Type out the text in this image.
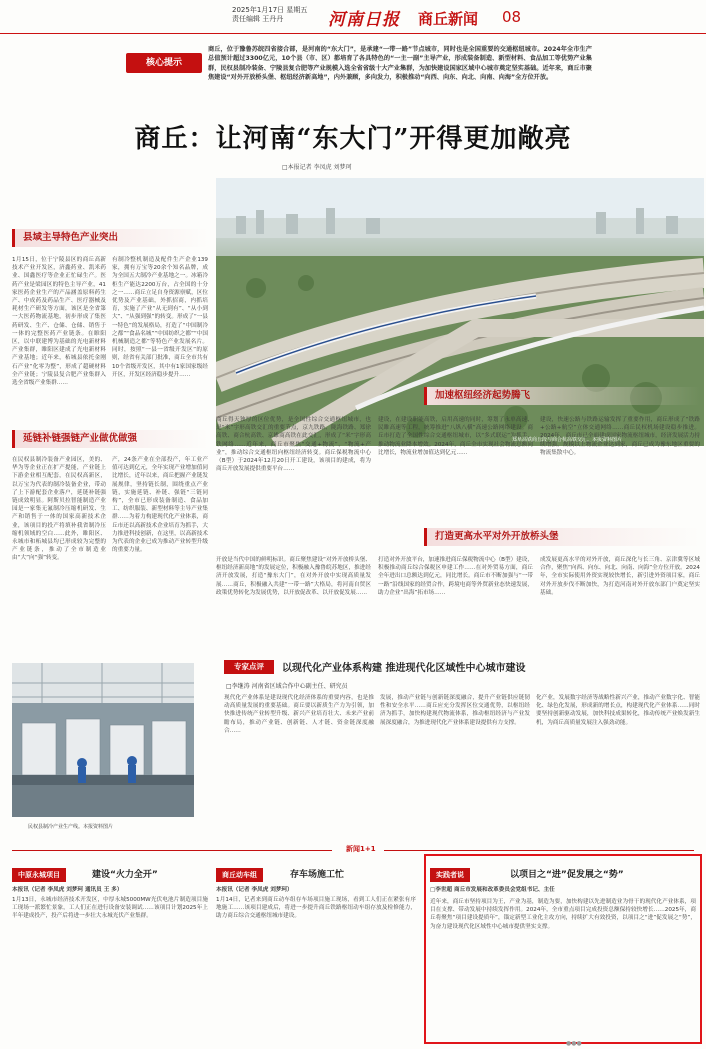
2025年1月17日 星期五
责任编辑 王丹丹	河南日报 商丘新闻 08
核心提示
商丘，位于豫鲁苏皖四省接合部，是河南的“东大门”，是承建“一带一路”节点城市，同时也是全国重要的交通枢纽城市。2024年全市生产总值预计超过3300亿元，10个县（市、区）都培育了各具特色的“一主一副”主导产业，形成装备制造、新型材料、食品加工等优势产业集群，民权县制冷装备、宁陵县复合肥等产业规模入选全省省级十大产业集群，为加快建设国家区域中心城市奠定坚实基础。近年来，商丘市聚焦建设“对外开放桥头堡、枢纽经济新高地”，内外兼顾，多向发力，积极推动“向西、向东、向北、向南、向海”全方位开放。
商丘：让河南“东大门”开得更加敞亮
□本报记者 李凤虎 刘梦珂
郑阜高铁商丘段与商合杭高铁交汇。本报资料图片
县域主导特色产业突出
1月15日，位于宁陵县区的商丘高新技术产业开发区，济鑫药业、凯米药业、国鑫医疗等企业正忙碌生产。医药产业是梁园区的特色主导产业，41家医药企业生产的产品涵盖原料药生产、中成药及药品生产、医疗器械及耗材生产研发等方面，该区是全省第一大医药物流基地，初步形成了集医药研发、生产、仓储、仓储、销售于一体的完整医药产业链条。在睢阳区，以中联建博为基础的光电新材料产业集群，睢阳区建成了光电新材料产业基地；近年来，柘城县依托金刚石产业“化零为整”，形成了超硬材料全产业链；宁陵县复合肥产业集群入选全省级产业集群……
有制冷整机制造及配件生产企业139家，拥有万宝等20余个知名品牌，成为全国五大制冷产业基地之一。冰箱冷柜生产能达2200万台，占全国的十分之一……商丘立足自身资源禀赋，区位优势及产业基础，外抓招商，内抓培育，实施了产业“从无到有”、“从小到大”、“从强到强”的转变。形成了“一县一特色”的发展格局，打造了“中国制冷之都”“食品名城”“中国纺织之都”“中国机械制造之都”等特色产业发展名片。同时，按照“一县一省级开发区”的原则，经省有关部门批准，商丘全市共有10个省级开发区，其中有1家国家级经开区，开发区经济稳步提升……
延链补链强链产业做优做强
在民权县制冷装备产业园区，美的、华为等企业正在扩产提能，产业链上下游企业相互配套，在民权高新区，以万宝为代表的制冷装备企业，带动了上下游配套企业落户，延链补链强链成效明显。阿斯贝拉智能制造产业园是一家集无氟制冷压缩机研发、生产和销售于一体的国家高新技术企业，该项目的投产将填补我省制冷压缩机领域的空白……此外，睢阳区、永城市和柘城县均已形成较为完整的产业链条，推动了全市制造业由“大”向“强”转变。
产，24条产业在全部投产，年工业产值可达到亿元，全年实现产业增加值同比增长，近年以来，商丘把握产业链发展规律，坚持链长制，围绕重点产业链，实施延链、补链、强链“三链同构”，全市已形成装备制造、食品加工、纺织服装、新型材料等主导产业集群……为着力构建现代化产业体系，商丘市还以高新技术企业培育为抓手，大力推进科技创新，在这里，以高新技术为代表的企业已成为推动产业转型升级的重要力量。
加速枢纽经济起势腾飞
商丘得天独厚的区位优势，是全国性综合交通枢纽城市，也是“米”字形高铁交汇的重要节点，京九铁路、陇海铁路、郑徐高铁、商合杭高铁、京雄商高铁在此交汇，形成了“米”字形高铁网络……近年来，商丘市聚焦“交通+物流”，“物流+产业”，推动综合交通枢纽向枢纽经济转变。商丘保税物流中心（B型）于2024年12月20日开工建设，该项目的建成，将为商丘开放发展提供重要平台……
建设，在建设职能高铁，启用高速的同时，筹划了永单高速、民睢高速等工程，统筹推进“八纵八横”高速公路网络建设。商丘市打造了全国性综合交通枢纽城市，以“多式联运”为抓手，推动物流业降本增效。2024年，商丘全市实现社会物流总额同比增长，物流业增加值达到亿元……
建设，快速公路与铁路运输发挥了重要作用，商丘形成了“铁路+公路+航空”立体交通网络……商丘民权机场建设稳步推进。2024年，商丘市已全面建成国家物流枢纽城市，经济发展活力持续增强，规模以上物流企业达到家，商丘已成为豫东地区重要的物流集散中心。
打造更高水平对外开放桥头堡
开放是当代中国的鲜明标识。商丘聚焦建设“对外开放桥头堡、枢纽经济新高地”的发展定位，积极融入豫鲁皖苏地区，推进经济开放发展，打造“豫东大门”，在对外开放中实现高质量发展……商丘，积极融入共建“一带一路”大格局，将河南自贸区政策优势转化为发展优势，以开放促改革、以开放促发展……
打造对外开放平台，加速推进商丘保税物流中心（B型）建设，积极推动商丘综合保税区申建工作……在对外贸易方面，商丘全年进出口总额达到亿元，同比增长。商丘市不断加强与“一带一路”沿线国家的经贸合作，跨境电商等外贸新业态快速发展，助力企业“出海”拓市场……
成发展更高水平的对外开放，商丘深化与长三角、京津冀等区域合作，聚焦“向西、向东、向北、向南、向海”全方位开放。2024年，全市实际使用外资实现较快增长，新引进外资项目家，商丘对外开放步伐不断加快，为打造河南对外开放东部门户奠定坚实基础。
民权县制冷产业生产线。本报资料图片
专家点评	以现代化产业体系构建 推进现代化区域性中心城市建设
□李继涛 河南省区域合作中心副主任、研究员
现代化产业体系是建设现代化经济体系的重要内容，也是推动高质量发展的重要基础。商丘要以新质生产力为引领，加快推进传统产业转型升级、新兴产业培育壮大、未来产业前瞻布局，推动产业链、创新链、人才链、资金链深度融合……
发展，推动产业链与创新链深度融合，提升产业链供应链韧性和安全水平……商丘应充分发挥区位交通优势，以枢纽经济为抓手，加快构建现代物流体系，推动枢纽经济与产业发展深度融合，为推进现代化产业体系建设提供有力支撑。
化产业，发展数字经济等战略性新兴产业，推动产业数字化、智能化、绿色化发展，形成新的增长点，构建现代化产业体系……同时要坚持创新驱动发展，加快科技成果转化，推动传统产业焕发新生机，为商丘高质量发展注入强劲动能。
新闻1+1
中原永城项目	建设“火力全开”
本报讯（记者 李凤虎 刘梦珂 通讯员 王 多）
1月13日，永城市经济技术开发区，中厚永城5000MW光伏电池片制造项目施工现场一派繁忙景象，工人们正在进行设备安装调试……该项目计划2025年上半年建成投产，投产后将进一步壮大永城光伏产业集群。
商丘动车组	存车场施工忙
本报讯（记者 李凤虎 刘梦珂）
1月14日，记者来到商丘动车组存车场项目施工现场，看到工人们正在紧张有序地施工……该项目建成后，将进一步提升商丘铁路枢纽动车组存放及检修能力，助力商丘综合交通枢纽城市建设。
实践者说	以项目之“进”促发展之“势”
□李世超 商丘市发展和改革委员会党组书记、主任
近年来，商丘市坚持项目为王，产业为基，制造为要，加快构建以先进制造业为骨干的现代化产业体系，项目在支撑、带动发展中持续发挥作用。2024年，全市重点项目完成投资总额保持较快增长……2025年，商丘将聚焦“项目建设提质年”，锚定新型工业化主攻方向，持续扩大有效投资，以项目之“进”促发展之“势”，为奋力建设现代化区域性中心城市提供坚实支撑。
●●●
